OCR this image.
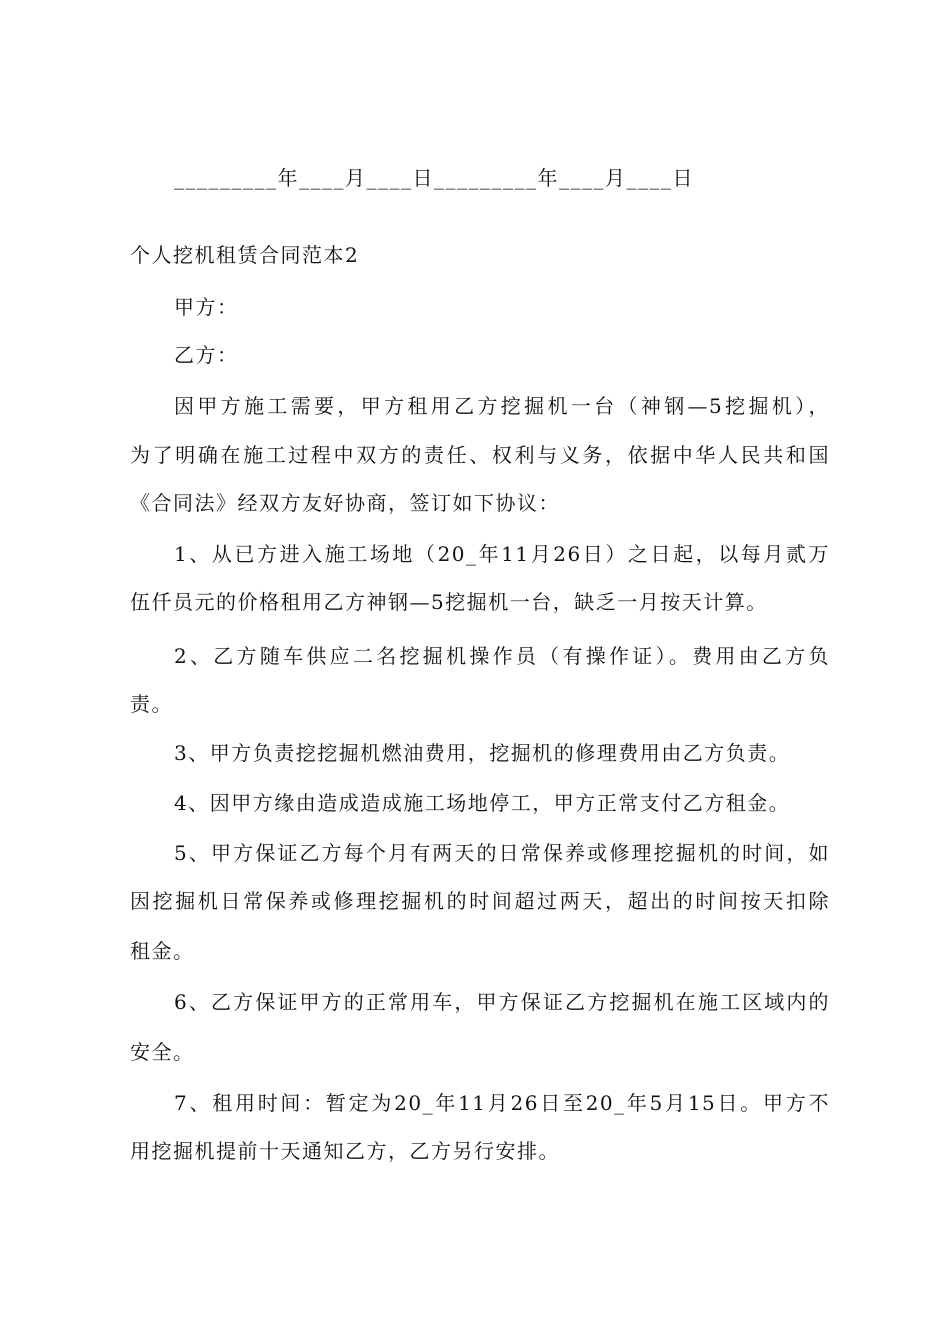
_________年____月____日_________年____月____日
个人挖机租赁合同范本2
甲方：
乙方：
因甲方施工需要，甲方租用乙方挖掘机一台（神钢—5挖掘机），
为了明确在施工过程中双方的责任、权利与义务，依据中华人民共和国
《合同法》经双方友好协商，签订如下协议：
1、从已方进入施工场地（20_年11月26日）之日起，以每月贰万
伍仟员元的价格租用乙方神钢—5挖掘机一台，缺乏一月按天计算。
2、乙方随车供应二名挖掘机操作员（有操作证）。费用由乙方负
责。
3、甲方负责挖挖掘机燃油费用，挖掘机的修理费用由乙方负责。
4、因甲方缘由造成造成施工场地停工，甲方正常支付乙方租金。
5、甲方保证乙方每个月有两天的日常保养或修理挖掘机的时间，如
因挖掘机日常保养或修理挖掘机的时间超过两天，超出的时间按天扣除
租金。
6、乙方保证甲方的正常用车，甲方保证乙方挖掘机在施工区域内的
安全。
7、租用时间：暂定为20_年11月26日至20_年5月15日。甲方不
用挖掘机提前十天通知乙方，乙方另行安排。
